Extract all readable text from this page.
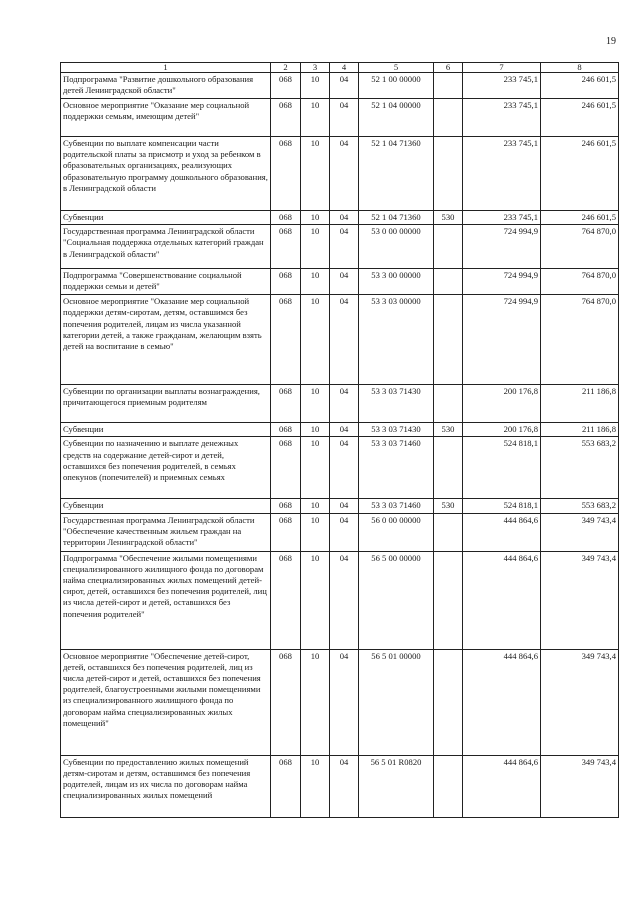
19
1	2	3	4	5	6	7	8
Подпрограмма "Развитие дошкольного образования детей Ленинградской области"	068	10	04	52 1 00 00000		233 745,1	246 601,5
Основное мероприятие "Оказание мер социальной поддержки семьям, имеющим детей"	068	10	04	52 1 04 00000		233 745,1	246 601,5
Субвенции по выплате компенсации части родительской платы за присмотр и уход за ребенком в образовательных организациях, реализующих образовательную программу дошкольного образования, в Ленинградской области	068	10	04	52 1 04 71360		233 745,1	246 601,5
Субвенции	068	10	04	52 1 04 71360	530	233 745,1	246 601,5
Государственная программа Ленинградской области "Социальная поддержка отдельных категорий граждан в Ленинградской области"	068	10	04	53 0 00 00000		724 994,9	764 870,0
Подпрограмма "Совершенствование социальной поддержки семьи и детей"	068	10	04	53 3 00 00000		724 994,9	764 870,0
Основное мероприятие "Оказание мер социальной поддержки детям-сиротам, детям, оставшимся без попечения родителей, лицам из числа указанной категории детей, а также гражданам, желающим взять детей на воспитание в семью"	068	10	04	53 3 03 00000		724 994,9	764 870,0
Субвенции по организации выплаты вознаграждения, причитающегося приемным родителям	068	10	04	53 3 03 71430		200 176,8	211 186,8
Субвенции	068	10	04	53 3 03 71430	530	200 176,8	211 186,8
Субвенции по назначению и выплате денежных средств на содержание детей-сирот и детей, оставшихся без попечения родителей, в семьях опекунов (попечителей) и приемных семьях	068	10	04	53 3 03 71460		524 818,1	553 683,2
Субвенции	068	10	04	53 3 03 71460	530	524 818,1	553 683,2
Государственная программа Ленинградской области "Обеспечение качественным жильем граждан на территории Ленинградской области"	068	10	04	56 0 00 00000		444 864,6	349 743,4
Подпрограмма "Обеспечение жилыми помещениями специализированного жилищного фонда по договорам найма специализированных жилых помещений детей-сирот, детей, оставшихся без попечения родителей, лиц из числа детей-сирот и детей, оставшихся без попечения родителей"	068	10	04	56 5 00 00000		444 864,6	349 743,4
Основное мероприятие "Обеспечение детей-сирот, детей, оставшихся без попечения родителей, лиц из числа детей-сирот и детей, оставшихся без попечения родителей, благоустроенными жилыми помещениями из специализированного жилищного фонда по договорам найма специализированных жилых помещений"	068	10	04	56 5 01 00000		444 864,6	349 743,4
Субвенции по предоставлению жилых помещений детям-сиротам и детям, оставшимся без попечения родителей, лицам из их числа по договорам найма специализированных жилых помещений	068	10	04	56 5 01 R0820		444 864,6	349 743,4
